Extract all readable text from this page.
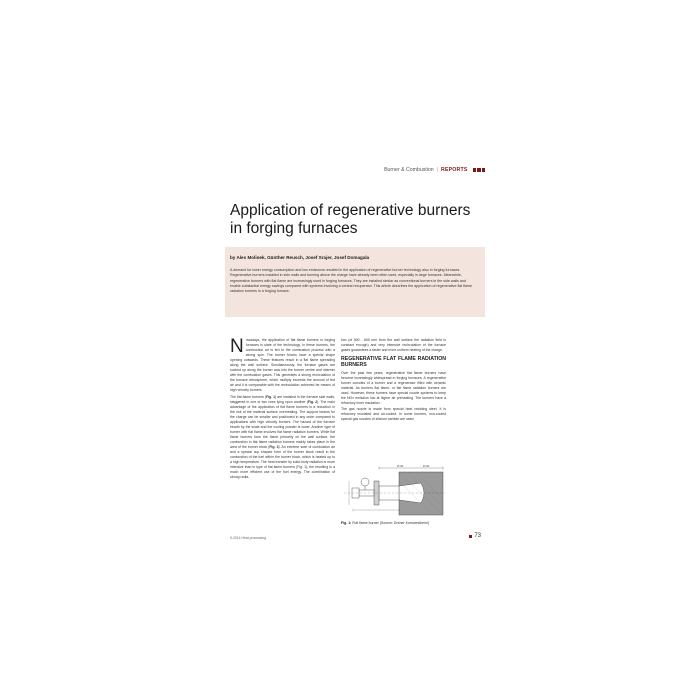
Burner & Combustion | REPORTS
Application of regenerative burners in forging furnaces
by Ales Molinek, Günther Reusch, Josef Srajer, Josef Domagala

A demand for lower energy consumption and low emissions resulted in the application of regenerative burner technology also in forging furnaces. Regenerative burners installed in side walls and burning above the charge have already been often used, especially in large furnaces. Meanwhile, regenerative burners with flat flame are increasingly used in forging furnaces. They are installed similar as conventional burners in the side walls and enable substantial energy savings compared with systems involving a central recuperator. This article describes the application of regenerative flat flame radiation burners in a forging furnace.

Nowadays, the application of flat flame burners in forging furnaces is state of the technology. In these burners, the combustion air is fed to the combustion process with a strong spin. The burner blocks have a special shape opening outwards. These features result in a flat flame spreading along the wall surface. Simultaneously, the furnace gases are sucked up along the burner axis into the burner centre and intermix with the combustion gases. This generates a strong recirculation of the furnace atmosphere, which multiply exceeds the amount of fed air and it is comparable with the recirculation achieved be means of high velocity burners.

The flat flame burners (Fig. 1) are installed in the furnace side walls, staggered in one or two rows lying upon another (Fig. 2). The main advantage of the application of flat flame burners is a reduction in the risk of the material surface overheating. The support beams for the charge can be smaller and positioned in any order compared to applications with high velocity burners. The hazard of the furnace hearth by the scale and the cooling powder is lower. Another type of burner with flat flame involves flat flame radiation burners. While flat flame burners form the flame primarily on the wall surface, the combustion in flat flame radiation burners mainly takes place in the area of the burner block (Fig. 3). An extreme swirl of combustion air and a special cup shaped form of the burner block result in the combustion of the fuel within the burner block, which is heated up to a high temperature. The heat transfer by solid body radiation is more intensive than in type of flat flame burners (Fig. 1), the resulting in a much more efficient use of the fuel energy. The combination of strong radia-

tion (of 500 - 600 mm from the wall surface the radiation field is constant enough) and very intensive recirculation of the furnace gases guarantees a faster and more uniform heating of the charge.

REGENERATIVE FLAT FLAME RADIATION BURNERS

Over the past few years, regenerative flat flame burners have become increasingly widespread in forging furnaces. A regenerative burner consists of a burner and a regenerator filled with ceramic material. As burners flat flame- or flat flame radiation burners are used. However, these burners have special nozzle systems to keep the NOx emission low at higher air preheating. The burners have a refractory inner insulation.

The gas nozzle is made from special heat resisting steel. It is refractory insulated and air-cooled. In some burners, non-cooled special gas nozzles of silicium carbide are used.

Ø 160	Ø 400
Fig. 1: Flat flame burner (Source: Dreher Kornwestheim)
5-2014 Heat processing	73
